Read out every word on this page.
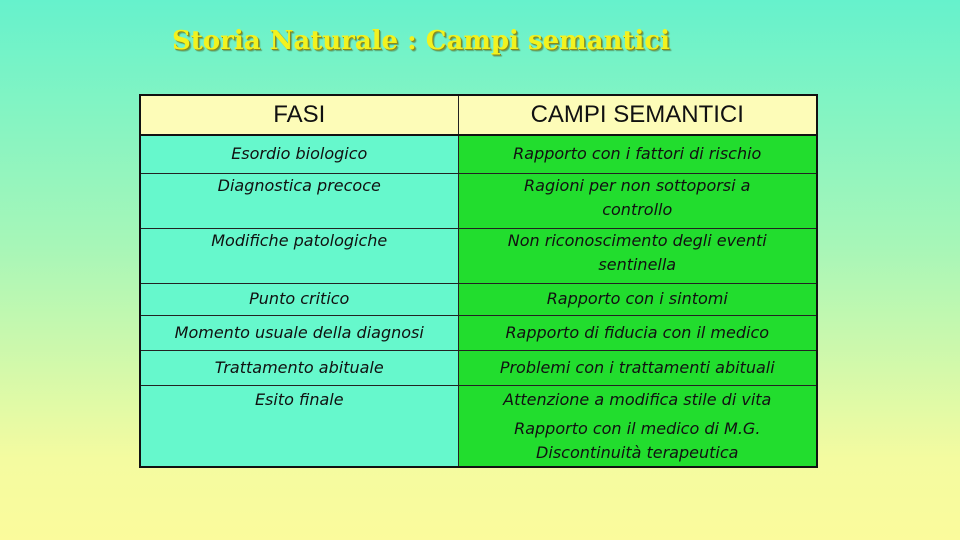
Storia Naturale : Campi semantici
FASI	CAMPI SEMANTICI
Esordio biologico	Rapporto con i fattori di rischio

Diagnostica precoce	Ragioni per non sottoporsi a
controllo

Modifiche patologiche	Non riconoscimento degli eventi
sentinella

Punto critico	Rapporto con i sintomi

Momento usuale della diagnosi	Rapporto di fiducia con il medico

Trattamento abituale	Problemi con i trattamenti abituali

Esito finale	Attenzione a modifica stile di vita
Rapporto con il medico di M.G.
Discontinuità terapeutica
